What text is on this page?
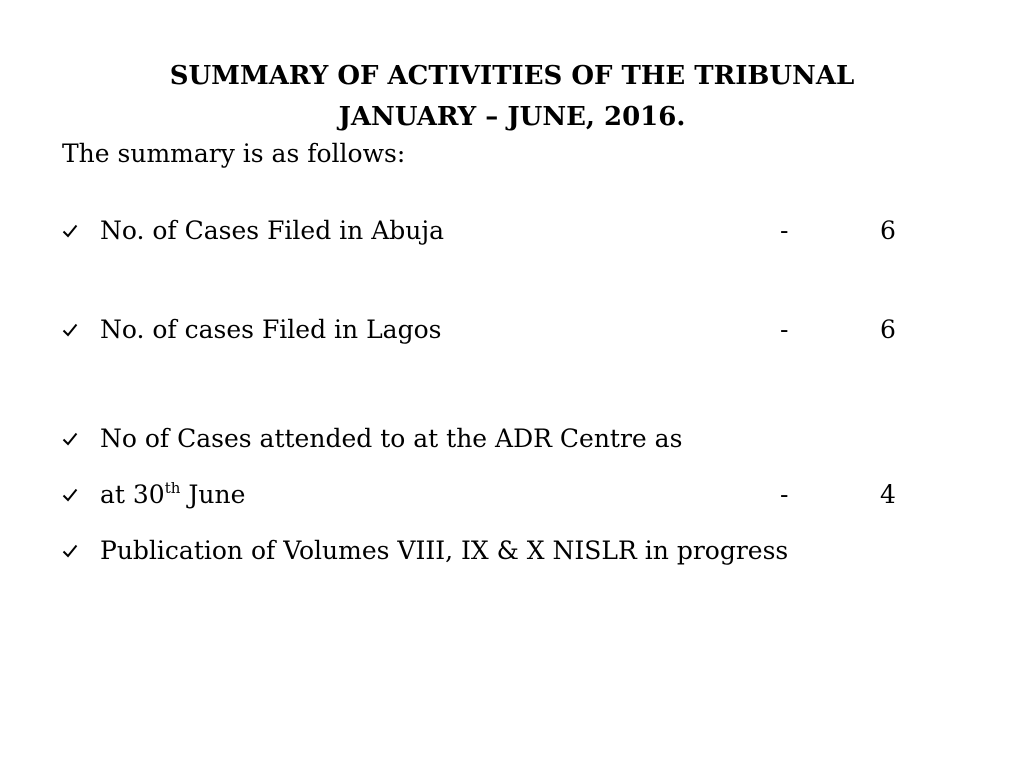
SUMMARY OF ACTIVITIES OF THE TRIBUNAL
JANUARY – JUNE, 2016.
The summary is as follows:
No. of Cases Filed in Abuja	-	6
No. of cases Filed in Lagos	-	6
No of Cases attended to at the ADR Centre as
at 30th June	-	4
Publication of Volumes VIII, IX & X NISLR in progress
